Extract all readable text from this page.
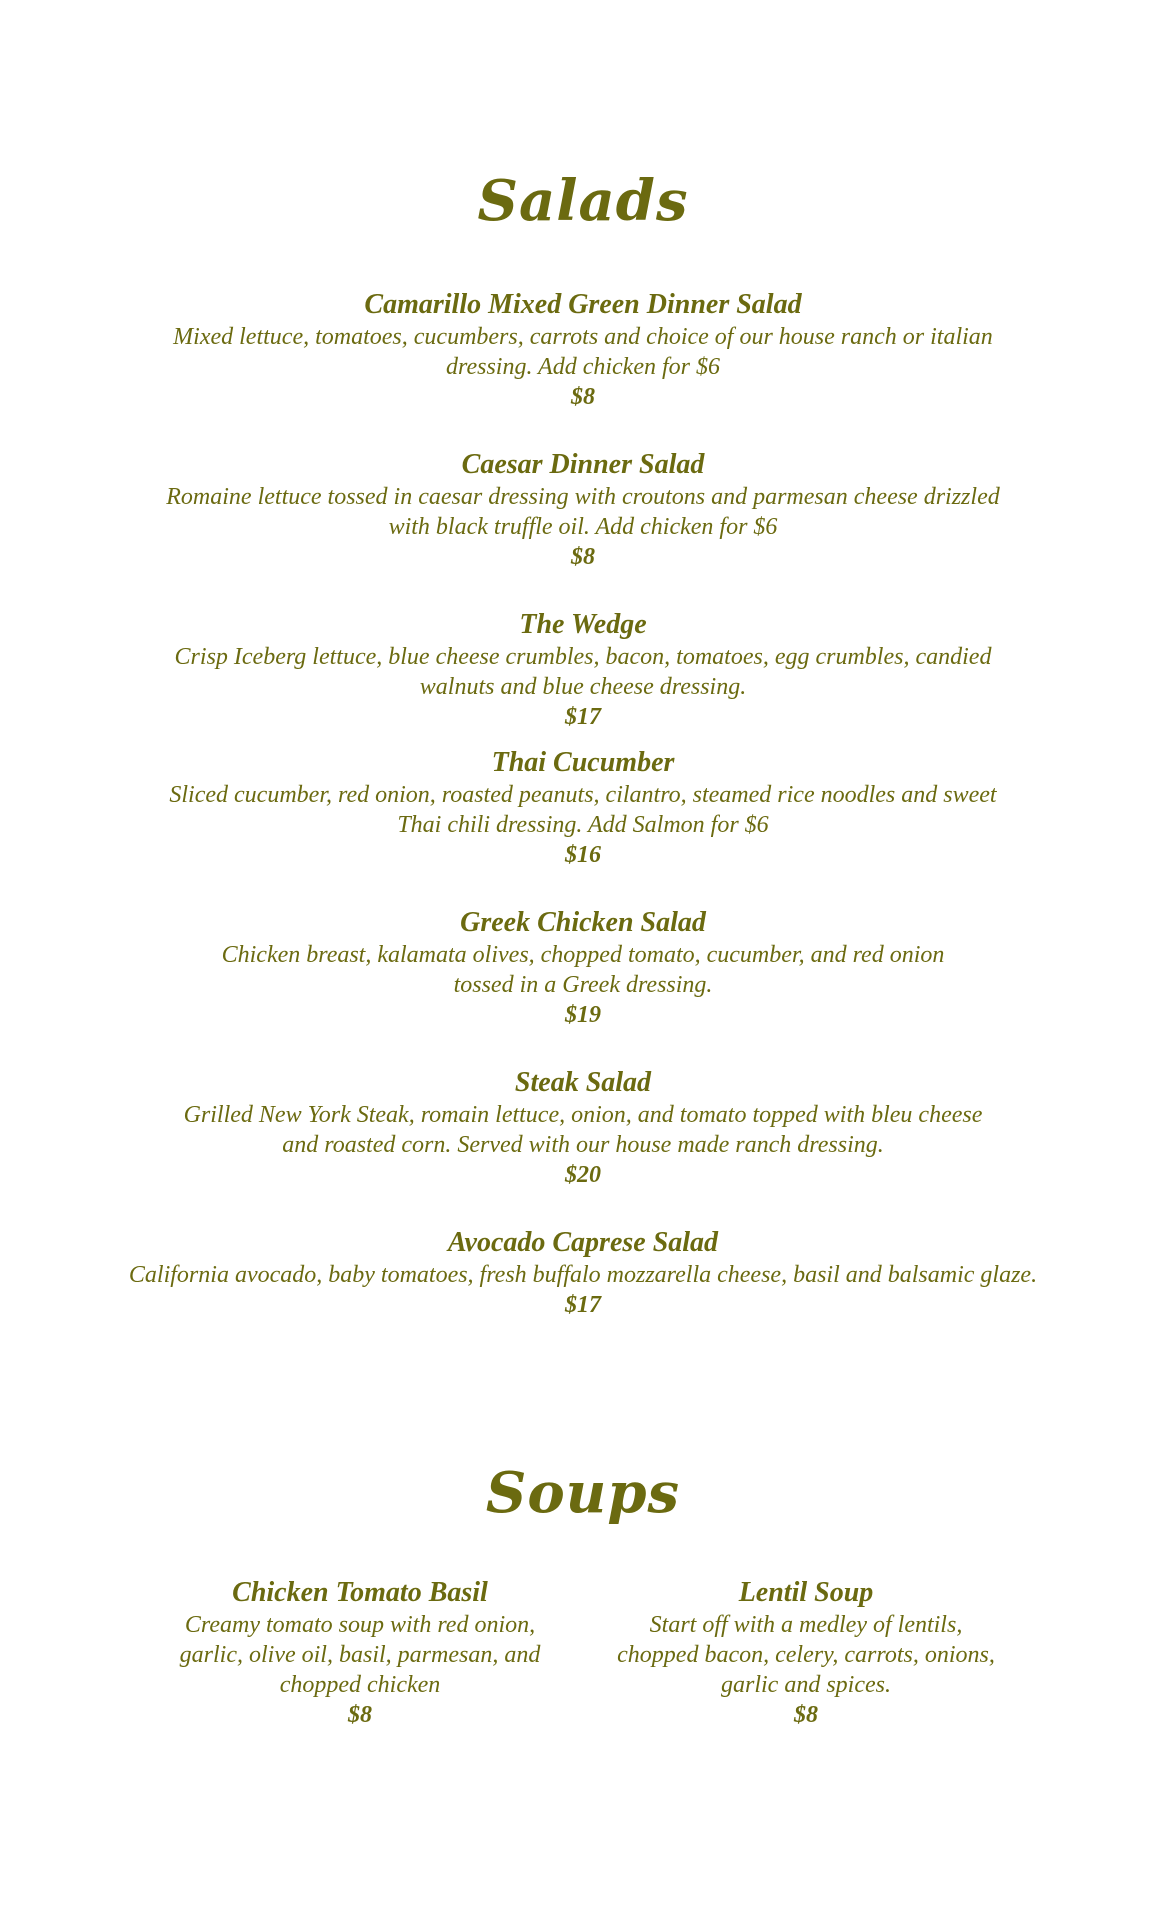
Salads
Camarillo Mixed Green Dinner Salad
Mixed lettuce, tomatoes, cucumbers, carrots and choice of our house ranch or italian
dressing. Add chicken for $6
$8
Caesar Dinner Salad
Romaine lettuce tossed in caesar dressing with croutons and parmesan cheese drizzled
with black truffle oil. Add chicken for $6
$8
The Wedge
Crisp Iceberg lettuce, blue cheese crumbles, bacon, tomatoes, egg crumbles, candied
walnuts and blue cheese dressing.
$17
Thai Cucumber
Sliced cucumber, red onion, roasted peanuts, cilantro, steamed rice noodles and sweet
Thai chili dressing. Add Salmon for $6
$16
Greek Chicken Salad
Chicken breast, kalamata olives, chopped tomato, cucumber, and red onion
tossed in a Greek dressing.
$19
Steak Salad
Grilled New York Steak, romain lettuce, onion, and tomato topped with bleu cheese
and roasted corn. Served with our house made ranch dressing.
$20
Avocado Caprese Salad
California avocado, baby tomatoes, fresh buffalo mozzarella cheese, basil and balsamic glaze.
$17
Soups
Chicken Tomato Basil
Creamy tomato soup with red onion,
garlic, olive oil, basil, parmesan, and
chopped chicken
$8
Lentil Soup
Start off with a medley of lentils,
chopped bacon, celery, carrots, onions,
garlic and spices.
$8
